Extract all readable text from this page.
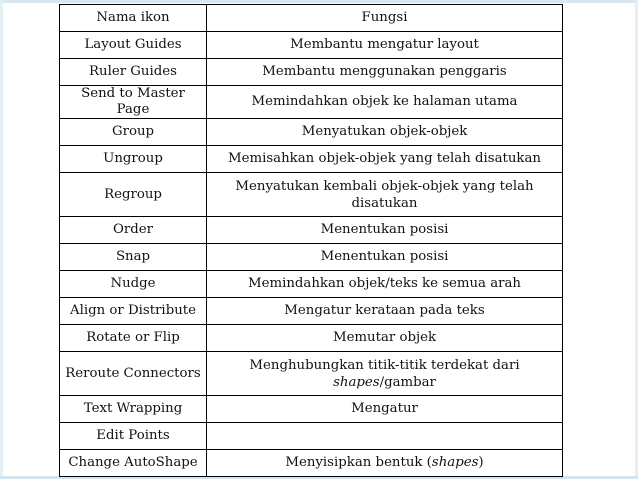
Nama ikon	Fungsi
Layout Guides	Membantu mengatur layout
Ruler Guides	Membantu menggunakan penggaris
Send to Master Page	Memindahkan objek ke halaman utama
Group	Menyatukan objek-objek
Ungroup	Memisahkan objek-objek yang telah disatukan
Regroup	Menyatukan kembali objek-objek yang telah disatukan
Order	Menentukan posisi
Snap	Menentukan posisi
Nudge	Memindahkan objek/teks ke semua arah
Align or Distribute	Mengatur kerataan pada teks
Rotate or Flip	Memutar objek
Reroute Connectors	Menghubungkan titik-titik terdekat dari
shapes/gambar
Text Wrapping	Mengatur
Edit Points	
Change AutoShape	Menyisipkan bentuk (shapes)
